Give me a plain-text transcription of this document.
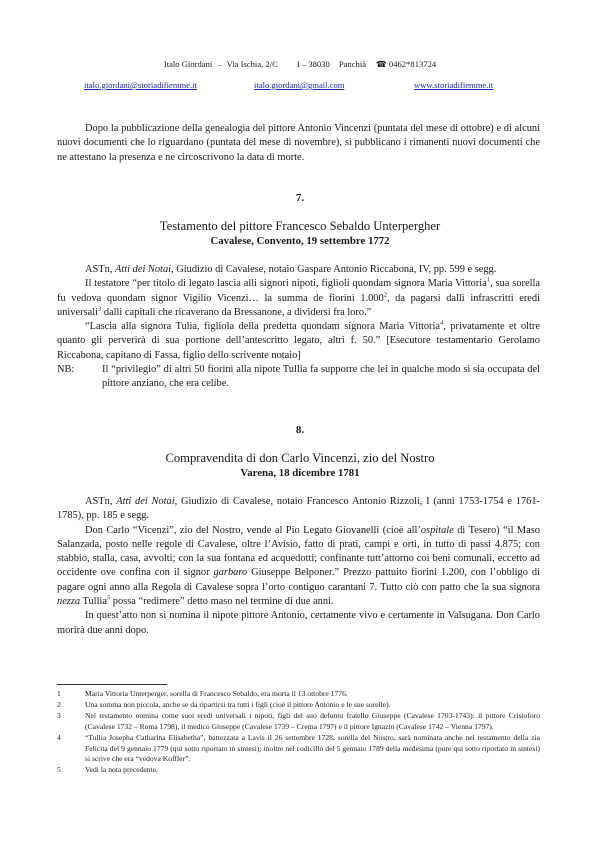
Italo Giordani – Via Ischia, 2/C I – 38030 Panchià ☎ 0462*813724
italo.giordani@storiadifiemme.it	italo.giordani@gmail.com	www.storiadifiemme.it

Dopo la pubblicazione della genealogia del pittore Antonio Vincenzi (puntata del mese di ottobre) e di alcuni nuovi documenti che lo riguardano (puntata del mese di novembre), si pubblicano i rimanenti nuovi documenti che ne attestano la presenza e ne circoscrivono la data di morte.

7.
Testamento del pittore Francesco Sebaldo Unterpergher
Cavalese, Convento, 19 settembre 1772

ASTn, Atti dei Notai, Giudizio di Cavalese, notaio Gaspare Antonio Riccabona, IV, pp. 599 e segg.

Il testatore “per titolo di legato lascia alli signori nipoti, figlioli quondam signora Maria Vittoria$^1$, sua sorella fu vedova quondam signor Vigilio Vicenzi… la summa de fiorini 1.000$^2$, da pagarsi dalli infrascritti eredi universali$^3$ dalli capitali che ricaverano da Bressanone, a dividersi fra loro.”

“Lascia alla signora Tulia, figliola della predetta quondam signora Maria Vittoria$^4$, privatamente et oltre quanto gli perverirà di sua portione dell’antescritto legato, altri f. 50.” [Esecutore testamentario Gerolamo Riccabona, capitano di Fassa, figlio dello scrivente notaio]

NB:	Il “privilegio” di altri 50 fiorini alla nipote Tullia fa supporre che lei in qualche modo si sia occupata del pittore anziano, che era celibe.
8.
Compravendita di don Carlo Vincenzi, zio del Nostro
Varena, 18 dicembre 1781

ASTn, Atti dei Notai, Giudizio di Cavalese, notaio Francesco Antonio Rizzoli, I (anni 1753-1754 e 1761-1785), pp. 185 e segg.

Don Carlo “Vicenzi”, zio del Nostro, vende al Pio Legato Giovanelli (cioè all’ospitale di Tesero) “il Maso Salanzada, posto nelle regole di Cavalese, oltre l’Avisio, fatto di prati, campi e orti, in tutto di passi 4.875; con stabbio, stalla, casa, avvolti; con la sua fontana ed acquedotti; confinante tutt’attorno coi beni comunali, eccetto ad occidente ove confina con il signor garbaro Giuseppe Belponer.” Prezzo pattuito fiorini 1.200, con l’obbligo di pagare ogni anno alla Regola di Cavalese sopra l’orto contiguo carantani 7. Tutto ciò con patto che la sua signora nezza Tullia$^5$ possa “redimere” detto maso nel termine di due anni.

In quest’atto non si nomina il nipote pittore Antonio, certamente vivo e certamente in Valsugana. Don Carlo morirà due anni dopo.

1	Maria Vittoria Unterperger, sorella di Francesco Sebaldo, era morta il 13 ottobre 1776.
2	Una somma non piccola, anche se da ripartirsi tra tutti i figli (cioè il pittore Antonio e le sue sorelle).
3	Nel testamento nomina come suoi eredi universali i nipoti, figli del suo defunto fratello Giuseppe (Cavalese 1703-1743): il pittore Cristoforo (Cavalese 1732 – Roma 1798), il medico Giuseppe (Cavalese 1739 – Crema 1797) e il pittore Ignazio (Cavalese 1742 – Vienna 1797).
4	“Tullia Josepha Catharina Elisabetha”, battezzata a Lavis il 26 settembre 1728, sorella del Nostro, sarà nominata anche nel testamento della zia Felicita del 9 gennaio 1779 (qui sotto riportato in sintesi); inoltre nel codicillo del 5 gennaio 1789 della medesima (pure qui sotto riportato in sintesi) si scrive che era “vedova Koffler”.
5	Vedi la nota precedente.
